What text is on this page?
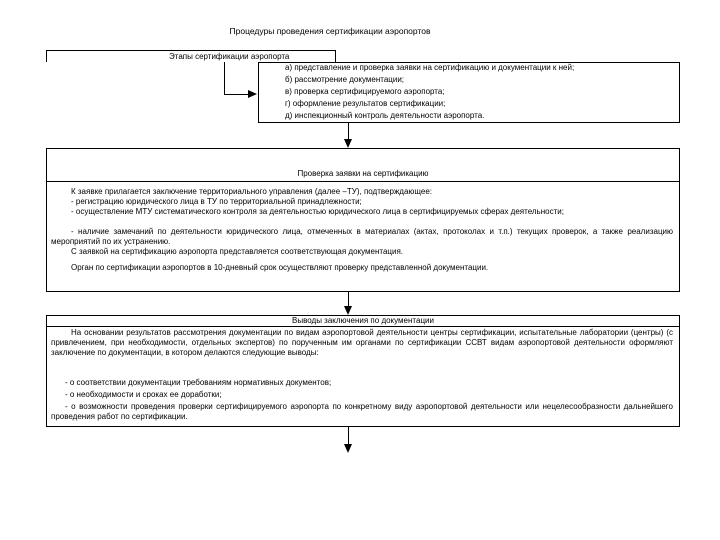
Процедуры проведения сертификации аэропортов
Этапы сертификации аэропорта
а) представление и проверка заявки на сертификацию и документации к ней;
б) рассмотрение документации;
в) проверка сертифицируемого аэропорта;
г) оформление результатов сертификации;
д) инспекционный контроль деятельности аэропорта.
Проверка заявки на сертификацию
К заявке прилагается заключение территориального управления (далее –ТУ), подтверждающее:
- регистрацию юридического лица в ТУ по территориальной принадлежности;
- осуществление МТУ систематического контроля за деятельностью юридического лица в сертифицируемых сферах деятельности;
- наличие замечаний по деятельности юридического лица, отмеченных в материалах (актах, протоколах и т.п.) текущих проверок, а также реализацию мероприятий по их устранению.
С заявкой на сертификацию аэропорта представляется соответствующая документация.
Орган по сертификации аэропортов в 10-дневный срок осуществляют проверку представленной документации.
Выводы заключения по документации
На основании результатов рассмотрения документации по видам аэропортовой деятельности центры сертификации, испытательные лаборатории (центры) (с привлечением, при необходимости, отдельных экспертов) по порученным им органами по сертификации ССВТ видам аэропортовой деятельности оформляют заключение по документации, в котором делаются следующие выводы:
- о соответствии документации требованиям нормативных документов;
- о необходимости и сроках ее доработки;
- о возможности проведения проверки сертифицируемого аэропорта по конкретному виду аэропортовой деятельности или нецелесообразности дальнейшего проведения работ по сертификации.
